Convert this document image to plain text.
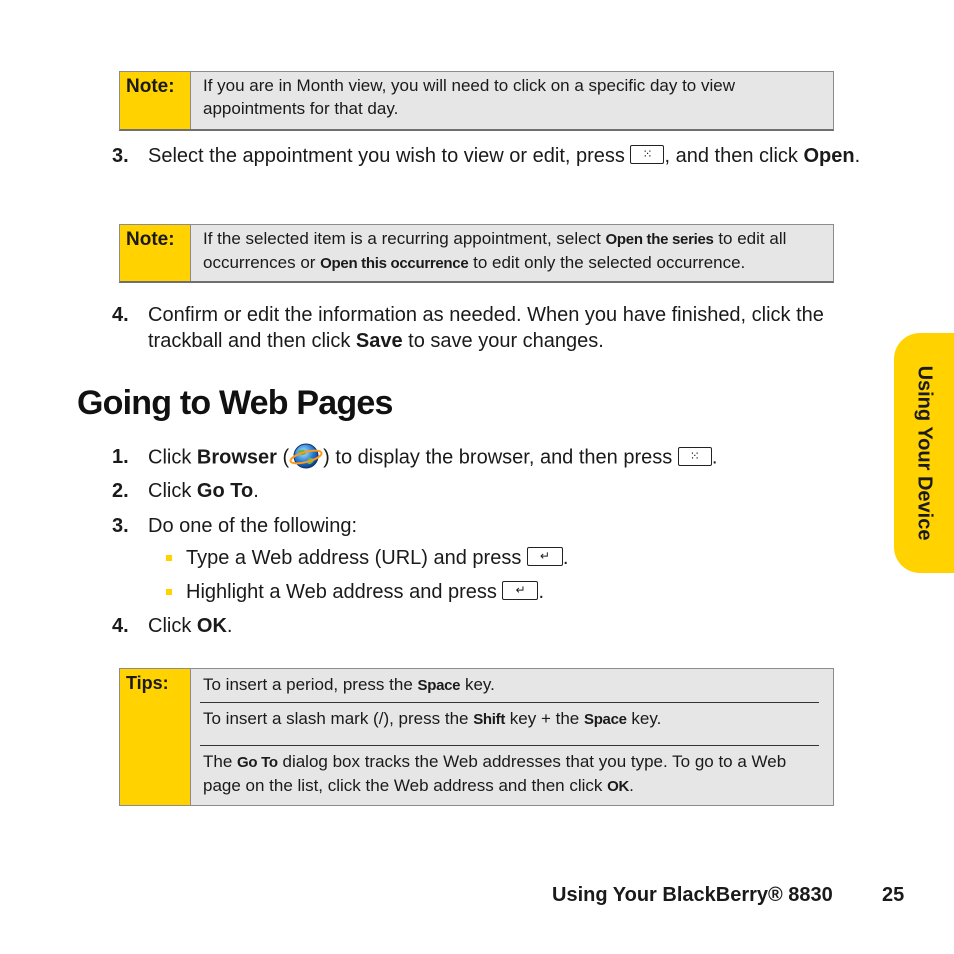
Note:	If you are in Month view, you will need to click on a specific day to view appointments for that day.
3. Select the appointment you wish to view or edit, press ⁙ , and then click Open.
Note:	If the selected item is a recurring appointment, select Open the series to edit all occurrences or Open this occurrence to edit only the selected occurrence.
4. Confirm or edit the information as needed. When you have finished, click the trackball and then click Save to save your changes.
Going to Web Pages
1. Click Browser ( ) to display the browser, and then press ⁙ .
2. Click Go To.
3. Do one of the following:
Type a Web address (URL) and press ↵ .
Highlight a Web address and press ↵ .
4. Click OK.
Tips:	To insert a period, press the Space key.
To insert a slash mark (/), press the Shift key + the Space key.
The Go To dialog box tracks the Web addresses that you type. To go to a Web page on the list, click the Web address and then click OK.
Using Your Device
Using Your BlackBerry® 8830 25
